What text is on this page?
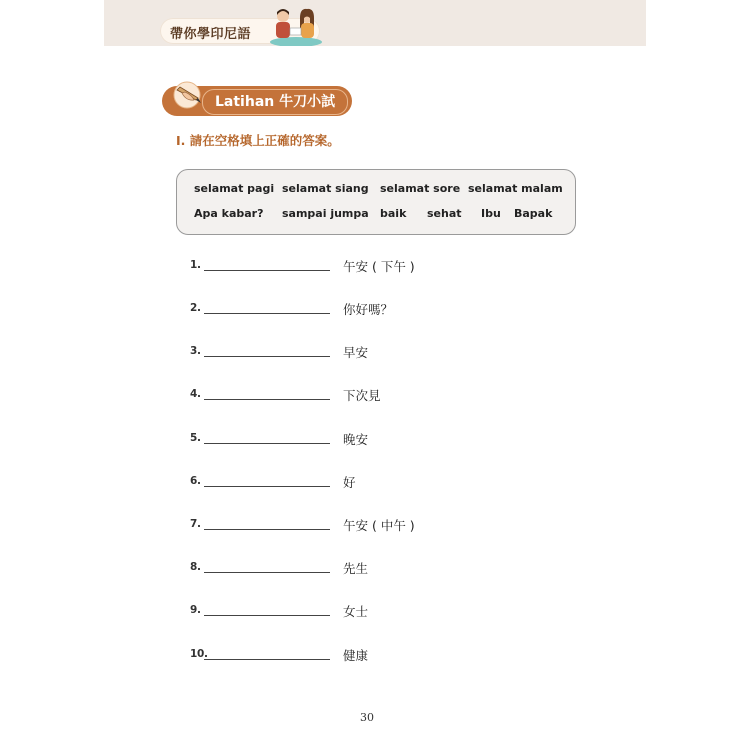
帶你學印尼語
Latihan 牛刀小試
I. 請在空格填上正確的答案。
selamat pagi selamat siang selamat sore selamat malam
Apa kabar? sampai jumpa baik sehat Ibu Bapak
1.	午安 ( 下午 )
2.	你好嗎？
3.	早安
4.	下次見
5.	晚安
6.	好
7.	午安 ( 中午 )
8.	先生
9.	女士
10.	健康
30
